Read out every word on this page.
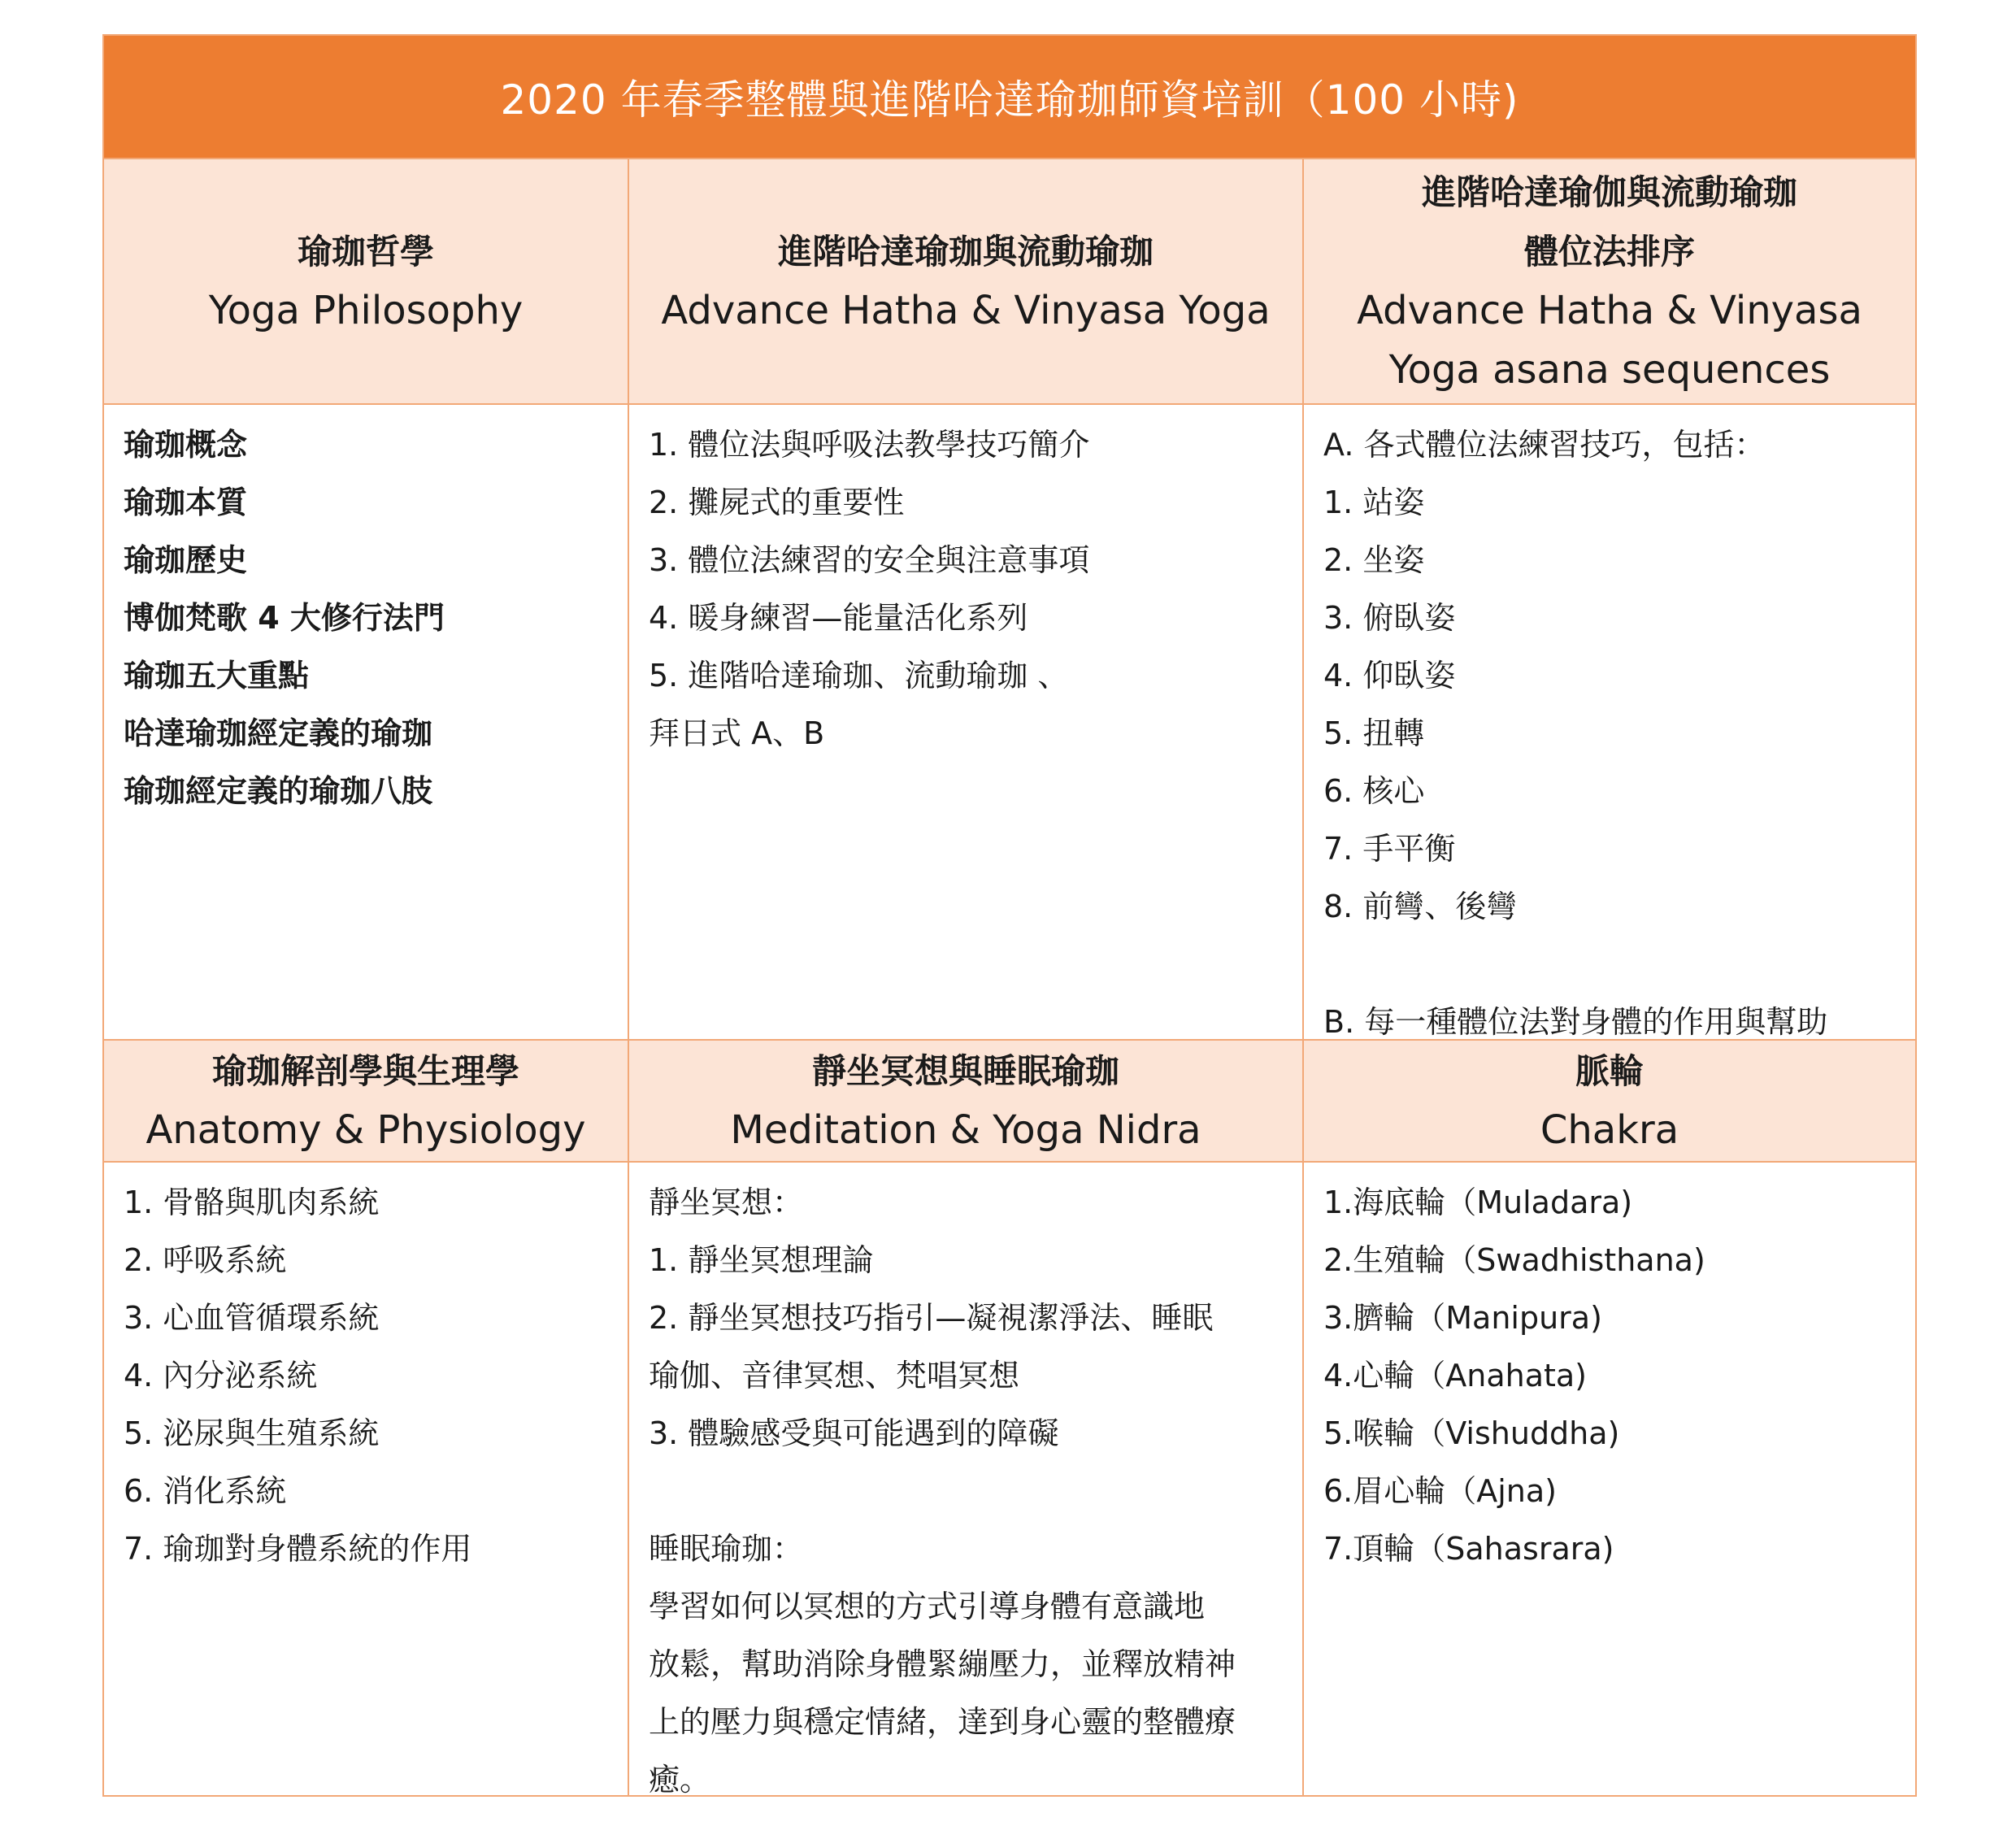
2020 年春季整體與進階哈達瑜珈師資培訓（100 小時)
瑜珈哲學
Yoga Philosophy
進階哈達瑜珈與流動瑜珈
Advance Hatha & Vinyasa Yoga
進階哈達瑜伽與流動瑜珈
體位法排序
Advance Hatha & Vinyasa
Yoga asana sequences
瑜珈概念
瑜珈本質
瑜珈歷史
博伽梵歌 4 大修行法門
瑜珈五大重點
哈達瑜珈經定義的瑜珈
瑜珈經定義的瑜珈八肢
1. 體位法與呼吸法教學技巧簡介
2. 攤屍式的重要性
3. 體位法練習的安全與注意事項
4. 暖身練習—能量活化系列
5. 進階哈達瑜珈、流動瑜珈 、
拜日式 A、B
A. 各式體位法練習技巧，包括：
1. 站姿
2. 坐姿
3. 俯臥姿
4. 仰臥姿
5. 扭轉
6. 核心
7. 手平衡
8. 前彎、後彎
B. 每一種體位法對身體的作用與幫助
瑜珈解剖學與生理學
Anatomy & Physiology
靜坐冥想與睡眠瑜珈
Meditation & Yoga Nidra
脈輪
Chakra
1. 骨骼與肌肉系統
2. 呼吸系統
3. 心血管循環系統
4. 內分泌系統
5. 泌尿與生殖系統
6. 消化系統
7. 瑜珈對身體系統的作用
靜坐冥想：
1. 靜坐冥想理論
2. 靜坐冥想技巧指引—凝視潔淨法、睡眠
瑜伽、音律冥想、梵唱冥想
3. 體驗感受與可能遇到的障礙
睡眠瑜珈：
學習如何以冥想的方式引導身體有意識地
放鬆，幫助消除身體緊繃壓力，並釋放精神
上的壓力與穩定情緒，達到身心靈的整體療
癒。
1.海底輪（Muladara)
2.生殖輪（Swadhisthana)
3.臍輪（Manipura)
4.心輪（Anahata)
5.喉輪（Vishuddha)
6.眉心輪（Ajna)
7.頂輪（Sahasrara)
